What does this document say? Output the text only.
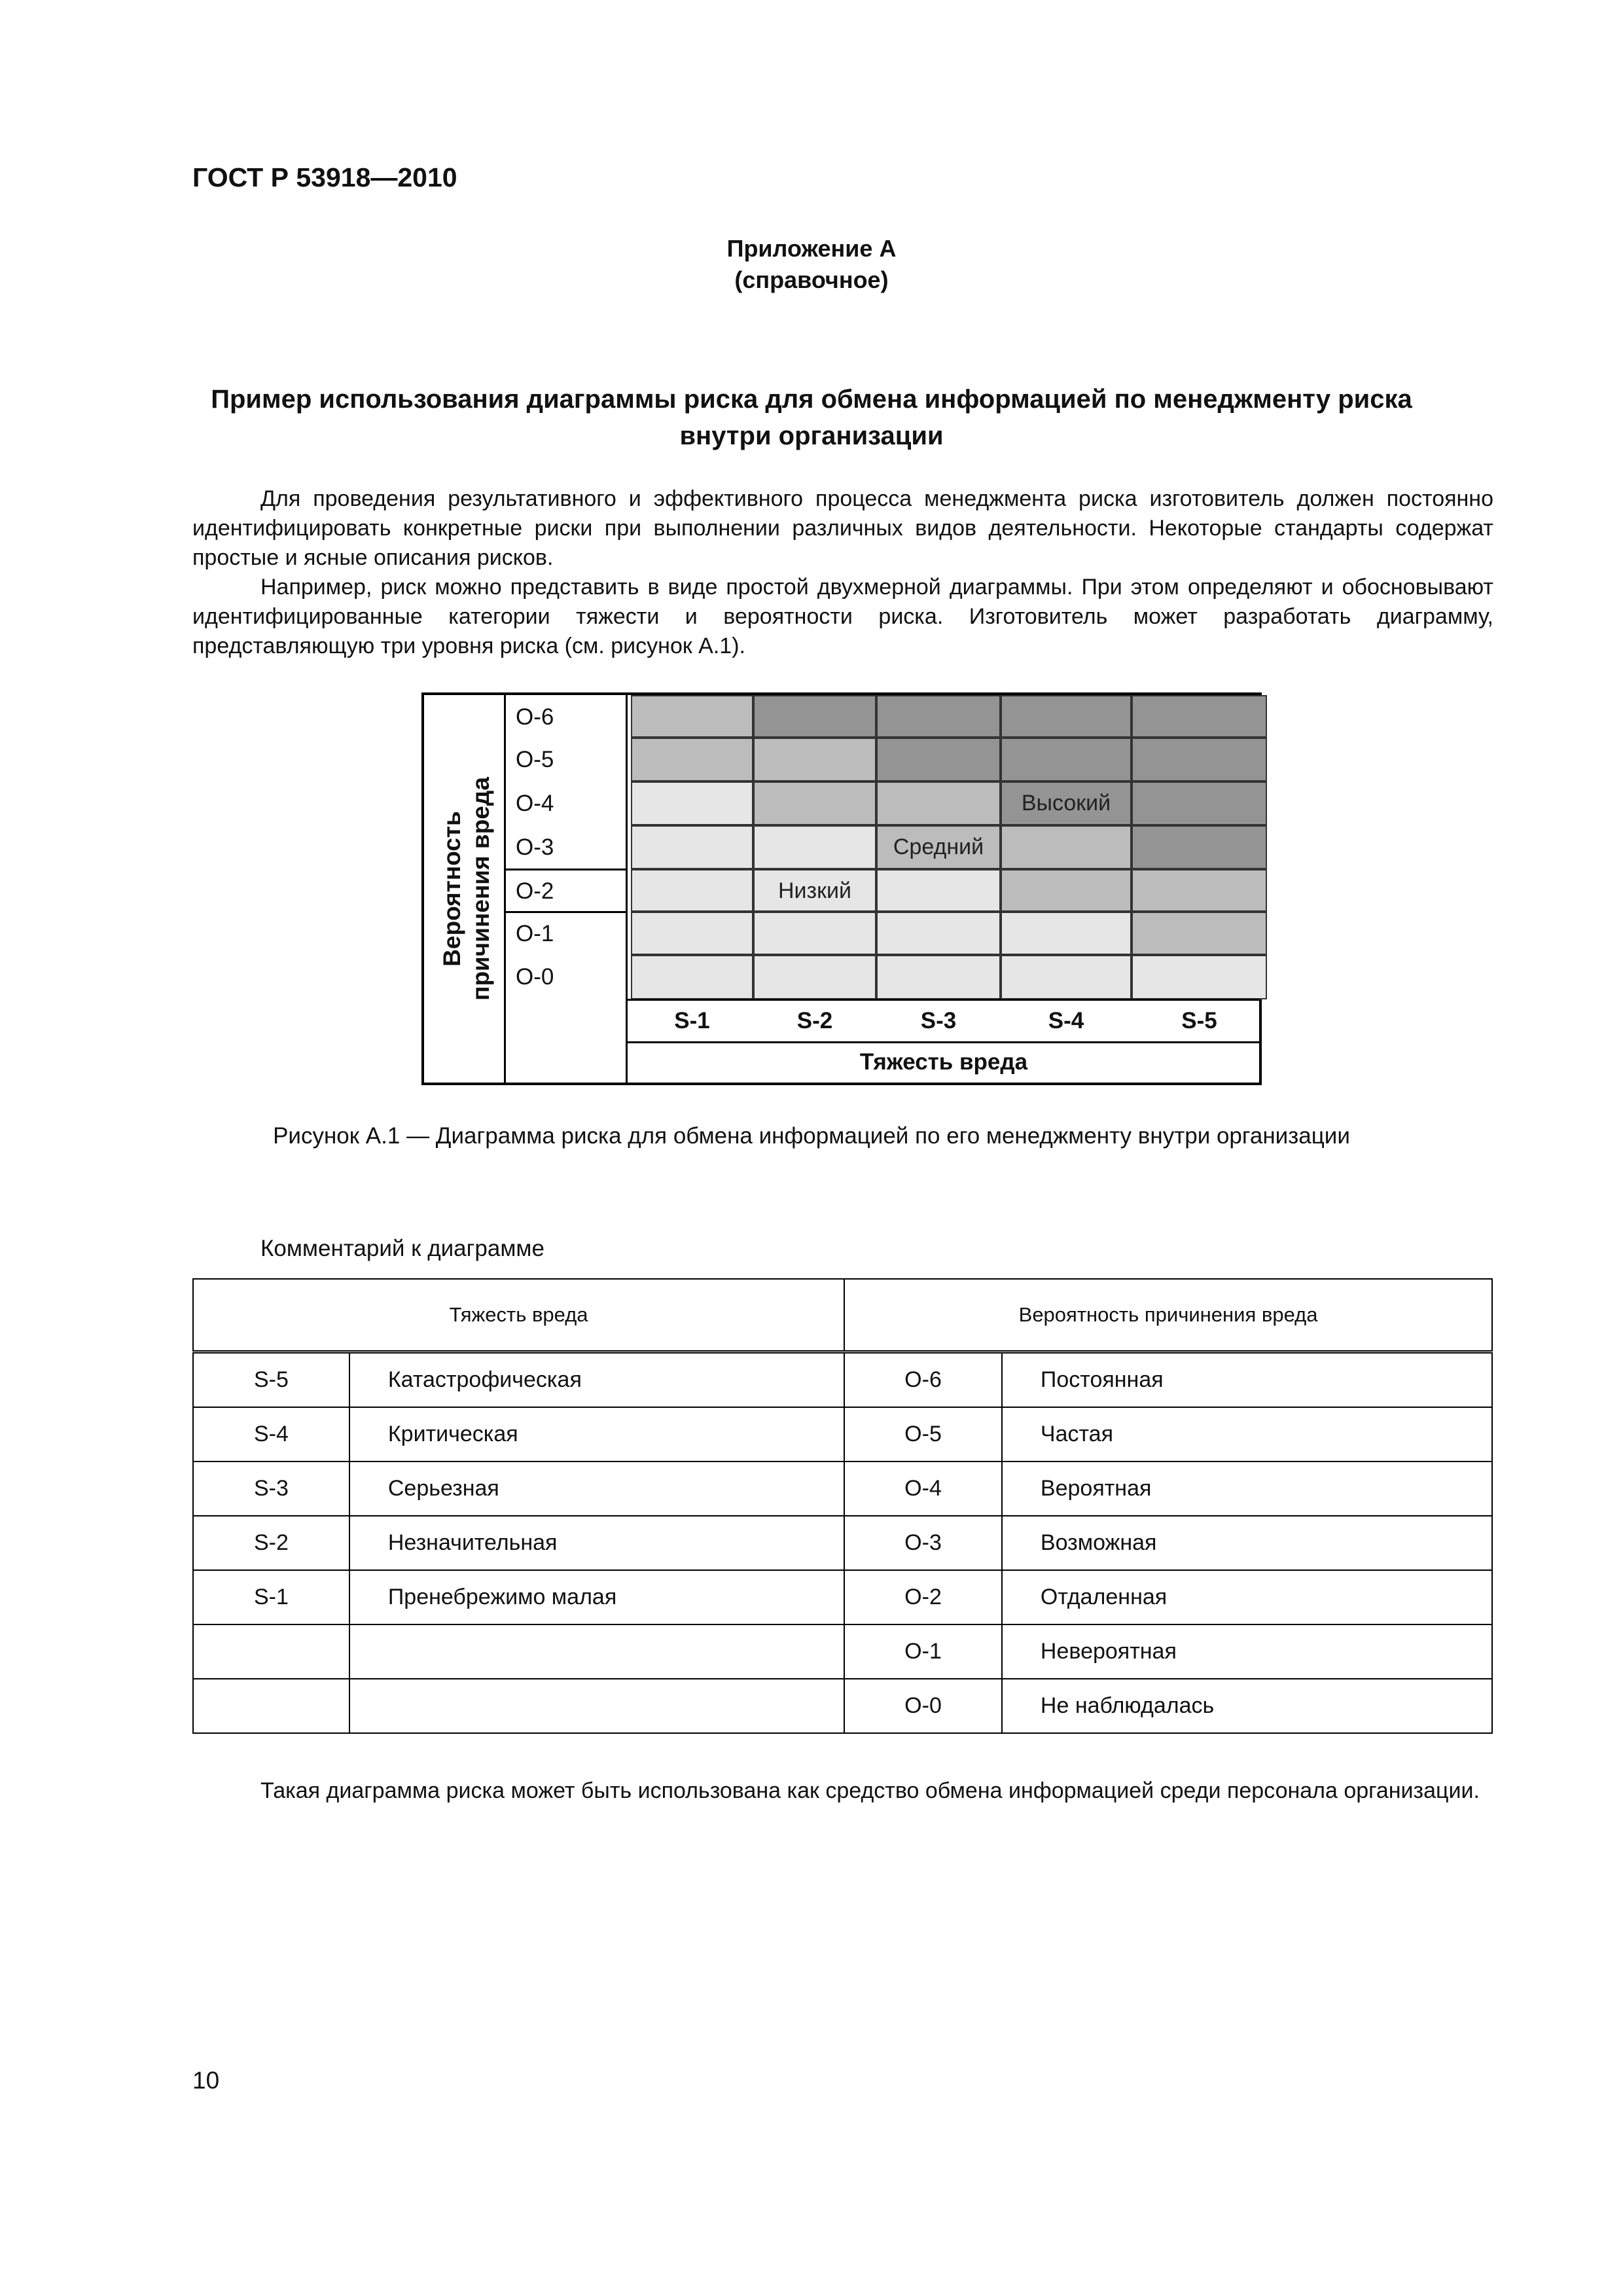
ГОСТ Р 53918—2010
Приложение А
(справочное)
Пример использования диаграммы риска для обмена информацией по менеджменту риска
внутри организации

Для проведения результативного и эффективного процесса менеджмента риска изготовитель должен постоянно идентифицировать конкретные риски при выполнении различных видов деятельности. Некоторые стандарты содержат простые и ясные описания рисков.

Например, риск можно представить в виде простой двухмерной диаграммы. При этом определяют и обосновывают идентифицированные категории тяжести и вероятности риска. Изготовитель может разработать диаграмму, представляющую три уровня риска (см. рисунок А.1).

Вероятность причинения вреда
О-6
О-5
О-4
О-3
О-2
О-1
О-0
S-1	S-2	S-3	S-4	S-5
Низкий
Средний
Высокий
Тяжесть вреда
Рисунок А.1 — Диаграмма риска для обмена информацией по его менеджменту внутри организации
Комментарий к диаграмме
Тяжесть вреда		Вероятность причинения вреда	
S-5	Катастрофическая	О-6	Постоянная
S-4	Критическая	О-5	Частая
S-3	Серьезная	О-4	Вероятная
S-2	Незначительная	О-3	Возможная
S-1	Пренебрежимо малая	О-2	Отдаленная
		О-1	Невероятная
		О-0	Не наблюдалась

Такая диаграмма риска может быть использована как средство обмена информацией среди персонала организации.

10
